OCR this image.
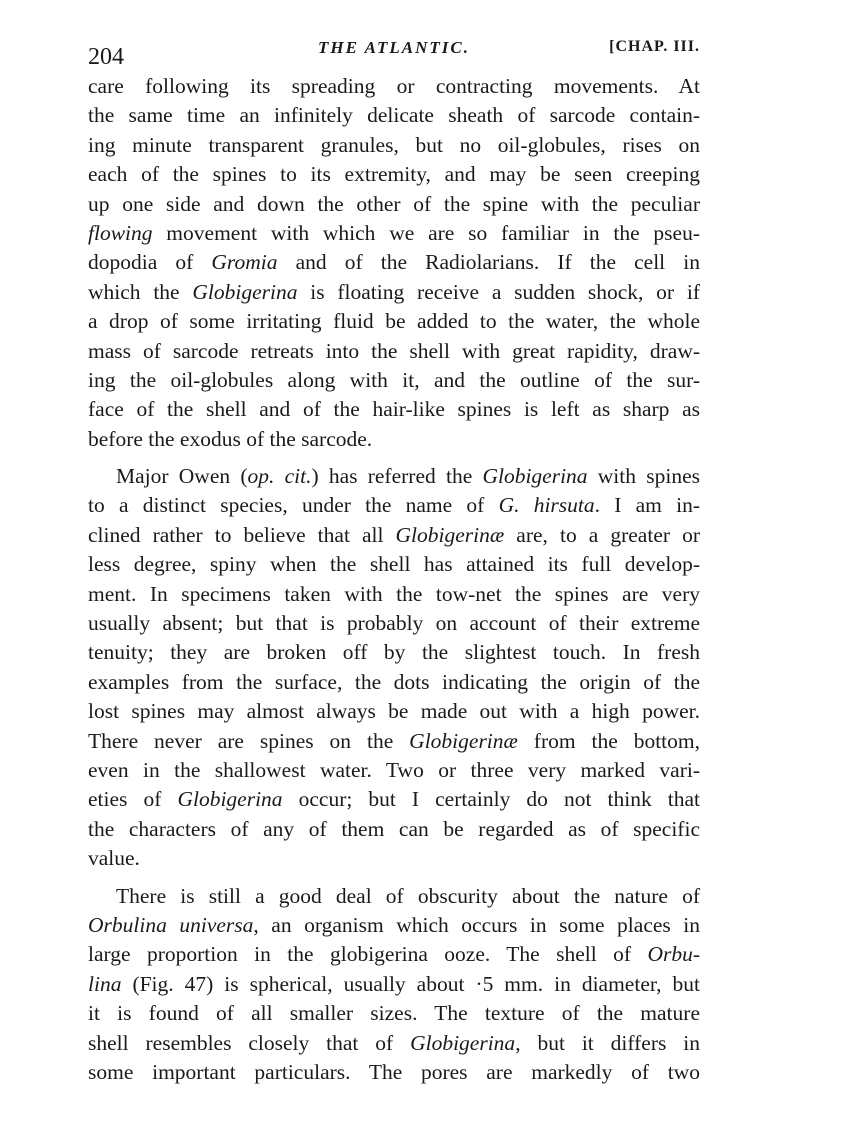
204	THE ATLANTIC.	[CHAP. III.
care following its spreading or contracting movements. At
the same time an infinitely delicate sheath of sarcode contain-
ing minute transparent granules, but no oil-globules, rises on
each of the spines to its extremity, and may be seen creeping
up one side and down the other of the spine with the peculiar
flowing movement with which we are so familiar in the pseu-
dopodia of Gromia and of the Radiolarians. If the cell in
which the Globigerina is floating receive a sudden shock, or if
a drop of some irritating fluid be added to the water, the whole
mass of sarcode retreats into the shell with great rapidity, draw-
ing the oil-globules along with it, and the outline of the sur-
face of the shell and of the hair-like spines is left as sharp as
before the exodus of the sarcode.
Major Owen (op. cit.) has referred the Globigerina with spines
to a distinct species, under the name of G. hirsuta. I am in-
clined rather to believe that all Globigerinæ are, to a greater or
less degree, spiny when the shell has attained its full develop-
ment. In specimens taken with the tow-net the spines are very
usually absent; but that is probably on account of their extreme
tenuity; they are broken off by the slightest touch. In fresh
examples from the surface, the dots indicating the origin of the
lost spines may almost always be made out with a high power.
There never are spines on the Globigerinæ from the bottom,
even in the shallowest water. Two or three very marked vari-
eties of Globigerina occur; but I certainly do not think that
the characters of any of them can be regarded as of specific
value.
There is still a good deal of obscurity about the nature of
Orbulina universa, an organism which occurs in some places in
large proportion in the globigerina ooze. The shell of Orbu-
lina (Fig. 47) is spherical, usually about ·5 mm. in diameter, but
it is found of all smaller sizes. The texture of the mature
shell resembles closely that of Globigerina, but it differs in
some important particulars. The pores are markedly of two
